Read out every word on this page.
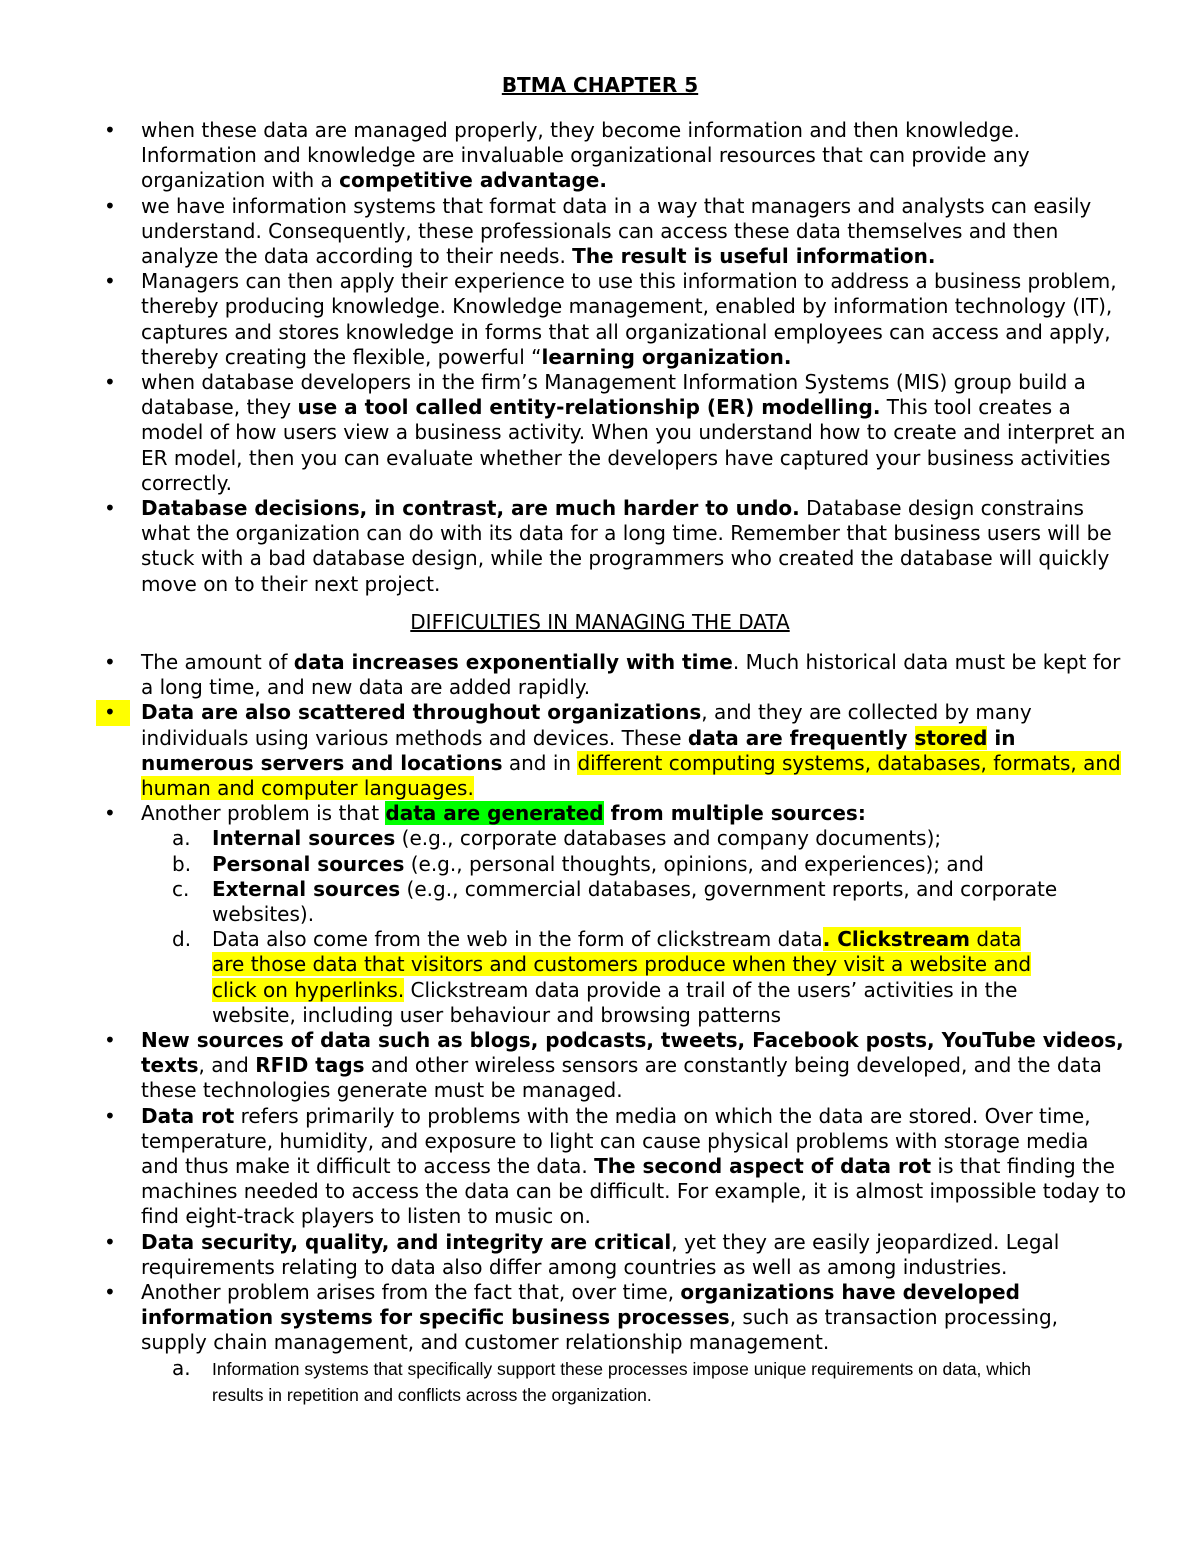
BTMA CHAPTER 5
•	when these data are managed properly, they become information and then knowledge. Information and knowledge are invaluable organizational resources that can provide any organization with a competitive advantage.
•	we have information systems that format data in a way that managers and analysts can easily understand. Consequently, these professionals can access these data themselves and then analyze the data according to their needs. The result is useful information.
•	Managers can then apply their experience to use this information to address a business problem, thereby producing knowledge. Knowledge management, enabled by information technology (IT), captures and stores knowledge in forms that all organizational employees can access and apply, thereby creating the flexible, powerful “learning organization.
•	when database developers in the firm’s Management Information Systems (MIS) group build a database, they use a tool called entity-relationship (ER) modelling. This tool creates a model of how users view a business activity. When you understand how to create and interpret an ER model, then you can evaluate whether the developers have captured your business activities correctly.
•	Database decisions, in contrast, are much harder to undo. Database design constrains what the organization can do with its data for a long time. Remember that business users will be stuck with a bad database design, while the programmers who created the database will quickly move on to their next project.
DIFFICULTIES IN MANAGING THE DATA
•	The amount of data increases exponentially with time. Much historical data must be kept for a long time, and new data are added rapidly.
•	Data are also scattered throughout organizations, and they are collected by many individuals using various methods and devices. These data are frequently stored in numerous servers and locations and in different computing systems, databases, formats, and human and computer languages.
•	Another problem is that data are generated from multiple sources:
a. Internal sources (e.g., corporate databases and company documents);
b. Personal sources (e.g., personal thoughts, opinions, and experiences); and
c. External sources (e.g., commercial databases, government reports, and corporate websites).
d. Data also come from the web in the form of clickstream data. Clickstream data are those data that visitors and customers produce when they visit a website and click on hyperlinks. Clickstream data provide a trail of the users’ activities in the website, including user behaviour and browsing patterns
•	New sources of data such as blogs, podcasts, tweets, Facebook posts, YouTube videos, texts, and RFID tags and other wireless sensors are constantly being developed, and the data these technologies generate must be managed.
•	Data rot refers primarily to problems with the media on which the data are stored. Over time, temperature, humidity, and exposure to light can cause physical problems with storage media and thus make it difficult to access the data. The second aspect of data rot is that finding the machines needed to access the data can be difficult. For example, it is almost impossible today to find eight-track players to listen to music on.
•	Data security, quality, and integrity are critical, yet they are easily jeopardized. Legal requirements relating to data also differ among countries as well as among industries.
•	Another problem arises from the fact that, over time, organizations have developed information systems for specific business processes, such as transaction processing, supply chain management, and customer relationship management.
a. Information systems that specifically support these processes impose unique requirements on data, which results in repetition and conflicts across the organization.
